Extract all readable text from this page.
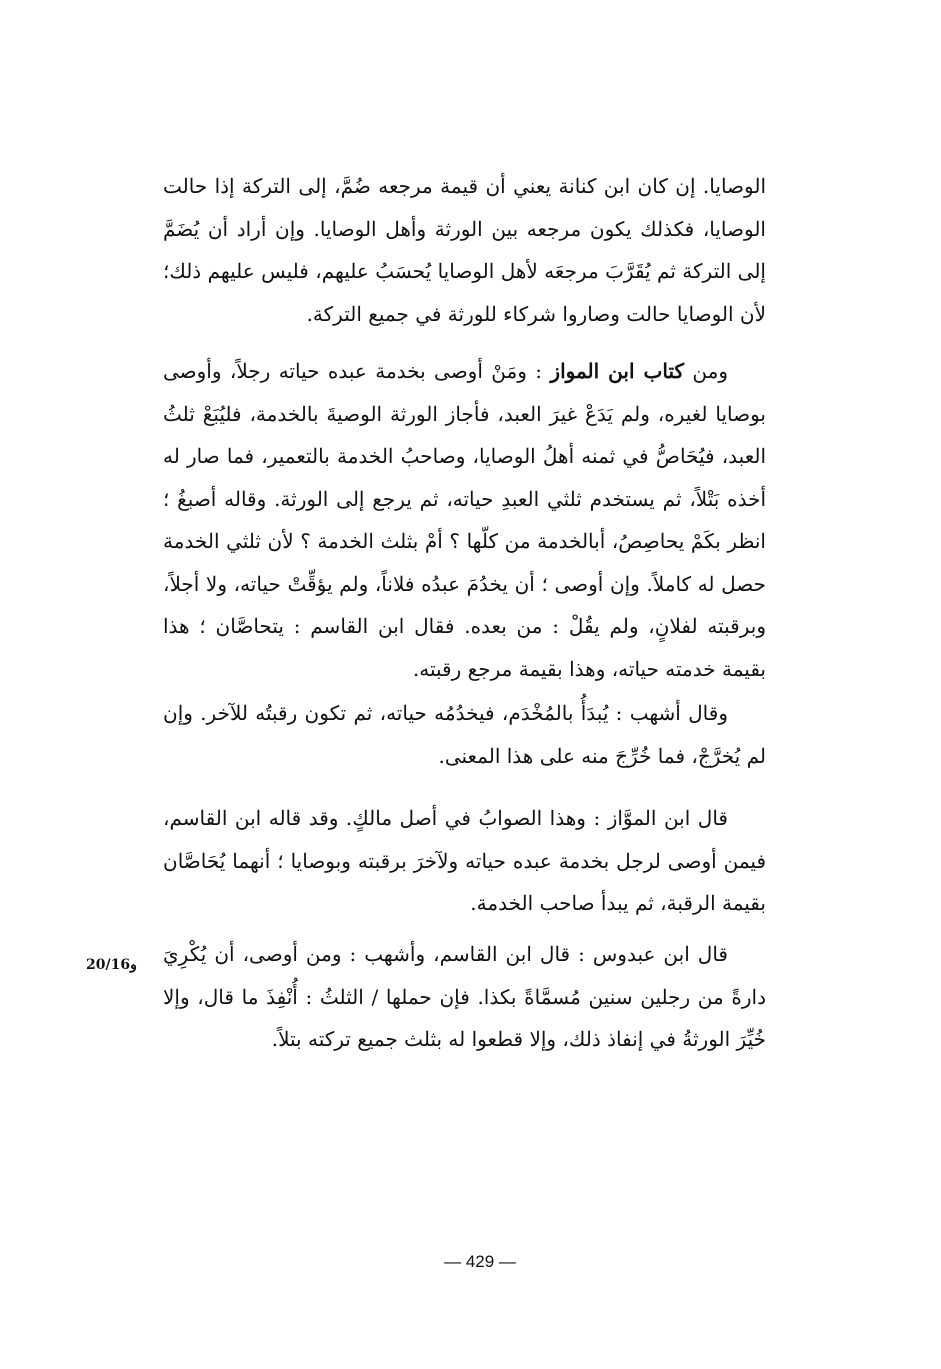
الوصايا. إن كان ابن كنانة يعني أن قيمة مرجعه ضُمَّ، إلى التركة إذا حالت الوصايا، فكذلك يكون مرجعه بين الورثة وأهل الوصايا. وإن أراد أن يُضَمَّ إلى التركة ثم يُقَرَّبَ مرجعَه لأهل الوصايا يُحسَبُ عليهم، فليس عليهم ذلك؛ لأن الوصايا حالت وصاروا شركاء للورثة في جميع التركة.

ومن كتاب ابن المواز : ومَنْ أوصى بخدمة عبده حياته رجلاً، وأوصى بوصايا لغيره، ولم يَدَعْ غيرَ العبد، فأجاز الورثة الوصيةَ بالخدمة، فليُبَعْ ثلثُ العبد، فيُحَاصُّ في ثمنه أهلُ الوصايا، وصاحبُ الخدمة بالتعمير، فما صار له أخذه بَتْلاً، ثم يستخدم ثلثي العبدِ حياته، ثم يرجع إلى الورثة. وقاله أصبغُ ؛ انظر بكَمْ يحاصِصُ، أبالخدمة من كلّها ؟ أمْ بثلث الخدمة ؟ لأن ثلثي الخدمة حصل له كاملاً. وإن أوصى ؛ أن يخدُمَ عبدُه فلاناً، ولم يؤقِّتْ حياته، ولا أجلاً، وبرقبته لفلانٍ، ولم يقُلْ : من بعده. فقال ابن القاسم : يتحاصَّان ؛ هذا بقيمة خدمته حياته، وهذا بقيمة مرجع رقبته.
وقال أشهب : يُبدَأُ بالمُخْدَم، فيخدُمُه حياته، ثم تكون رقبتُه للآخر. وإن لم يُخرَّجْ، فما خُرِّجَ منه على هذا المعنى.
قال ابن الموَّاز : وهذا الصوابُ في أصل مالكٍ. وقد قاله ابن القاسم، فيمن أوصى لرجل بخدمة عبده حياته ولآخرَ برقبته وبوصايا ؛ أنهما يُحَاصَّان بقيمة الرقبة، ثم يبدأ صاحب الخدمة.
قال ابن عبدوس : قال ابن القاسم، وأشهب : ومن أوصى، أن يُكْرِيَ دارةً من رجلين سنين مُسمَّاةً بكذا. فإن حملها / الثلثُ : أُنْفِذَ ما قال، وإلا خُيِّرَ الورثةُ في إنفاذ ذلك، وإلا قطعوا له بثلث جميع تركته بتلاً.
20/16و
— 429 —
